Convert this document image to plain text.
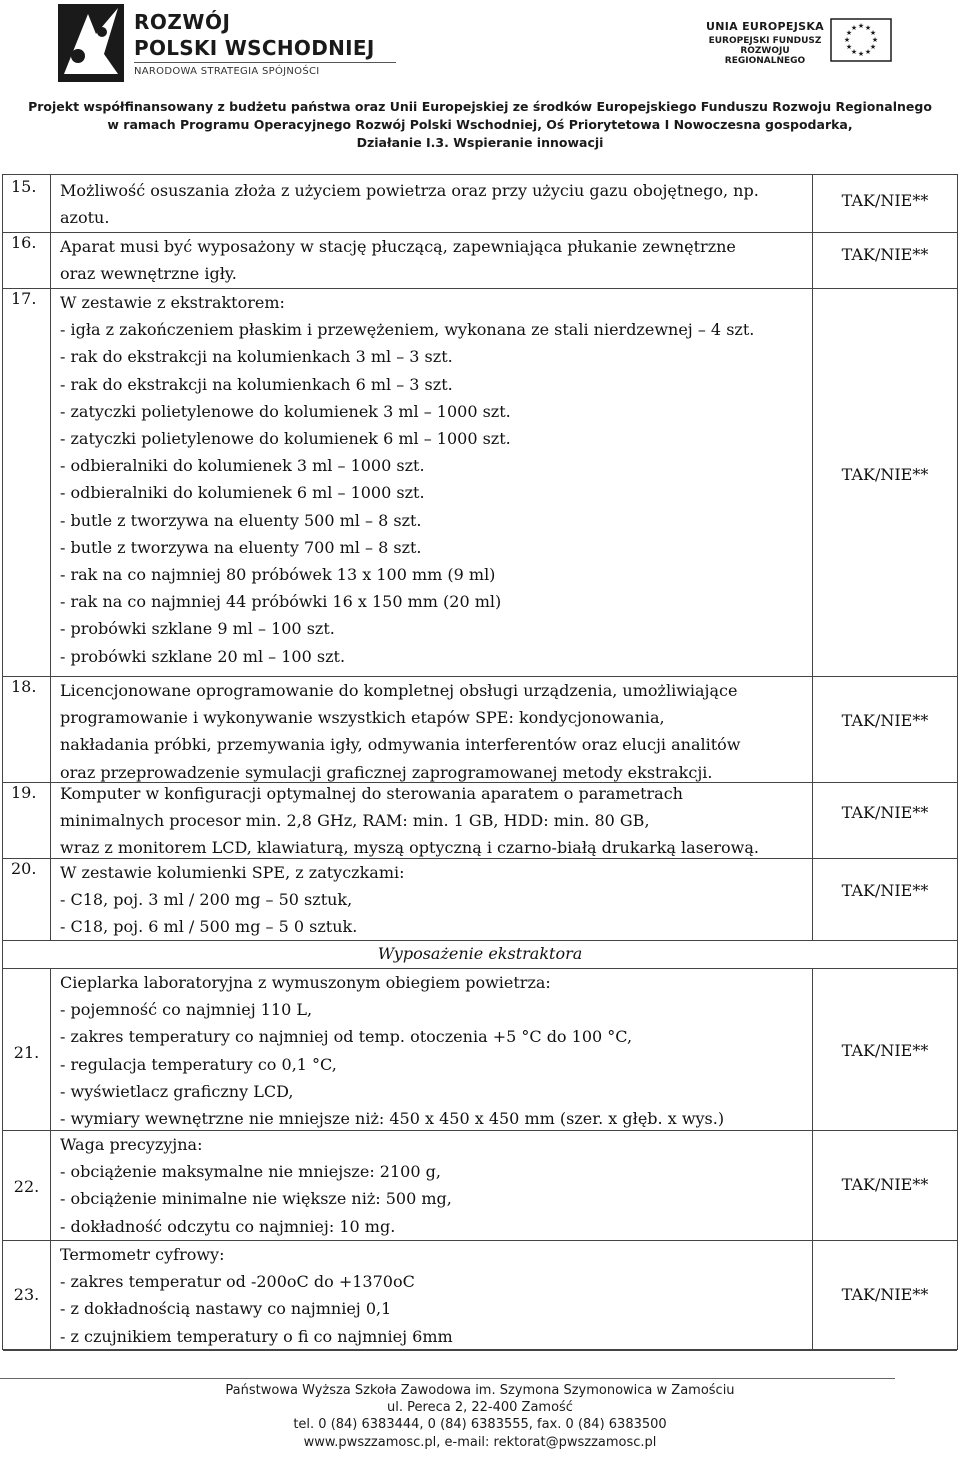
ROZWÓJ
POLSKI WSCHODNIEJ
NARODOWA STRATEGIA SPÓJNOŚCI
UNIA EUROPEJSKA
EUROPEJSKI FUNDUSZ
ROZWOJU REGIONALNEGO
★ ★
★
★
★
★
★
★
★
★
★
★
Projekt współfinansowany z budżetu państwa oraz Unii Europejskiej ze środków Europejskiego Funduszu Rozwoju Regionalnego
w ramach Programu Operacyjnego Rozwój Polski Wschodniej, Oś Priorytetowa I Nowoczesna gospodarka,
Działanie I.3. Wspieranie innowacji
15.	Możliwość osuszania złoża z użyciem powietrza oraz przy użyciu gazu obojętnego, np.
azotu.
TAK/NIE**
16.	Aparat musi być wyposażony w stację płuczącą, zapewniająca płukanie zewnętrzne
oraz wewnętrzne igły.
TAK/NIE**
17.	W zestawie z ekstraktorem:
- igła z zakończeniem płaskim i przewężeniem, wykonana ze stali nierdzewnej – 4 szt.
- rak do ekstrakcji na kolumienkach 3 ml – 3 szt.
- rak do ekstrakcji na kolumienkach 6 ml – 3 szt.
- zatyczki polietylenowe do kolumienek 3 ml – 1000 szt.
- zatyczki polietylenowe do kolumienek 6 ml – 1000 szt.
- odbieralniki do kolumienek 3 ml – 1000 szt.
- odbieralniki do kolumienek 6 ml – 1000 szt.
- butle z tworzywa na eluenty 500 ml – 8 szt.
- butle z tworzywa na eluenty 700 ml – 8 szt.
- rak na co najmniej 80 próbówek 13 x 100 mm (9 ml)
- rak na co najmniej 44 próbówki 16 x 150 mm (20 ml)
- probówki szklane 9 ml – 100 szt.
- probówki szklane 20 ml – 100 szt.
TAK/NIE**
18.	Licencjonowane oprogramowanie do kompletnej obsługi urządzenia, umożliwiające
programowanie i wykonywanie wszystkich etapów SPE: kondycjonowania,
nakładania próbki, przemywania igły, odmywania interferentów oraz elucji analitów
oraz przeprowadzenie symulacji graficznej zaprogramowanej metody ekstrakcji.
TAK/NIE**
19.	Komputer w konfiguracji optymalnej do sterowania aparatem o parametrach
minimalnych procesor min. 2,8 GHz, RAM: min. 1 GB, HDD: min. 80 GB,
wraz z monitorem LCD, klawiaturą, myszą optyczną i czarno-białą drukarką laserową.
TAK/NIE**
20.	W zestawie kolumienki SPE, z zatyczkami:
- C18, poj. 3 ml / 200 mg – 50 sztuk,
- C18, poj. 6 ml / 500 mg – 5 0 sztuk.
TAK/NIE**
Wyposażenie ekstraktora
21.
Cieplarka laboratoryjna z wymuszonym obiegiem powietrza:
- pojemność co najmniej 110 L,
- zakres temperatury co najmniej od temp. otoczenia +5 °C do 100 °C,
- regulacja temperatury co 0,1 °C,
- wyświetlacz graficzny LCD,
- wymiary wewnętrzne nie mniejsze niż: 450 x 450 x 450 mm (szer. x głęb. x wys.)
TAK/NIE**
22.
Waga precyzyjna:
- obciążenie maksymalne nie mniejsze: 2100 g,
- obciążenie minimalne nie większe niż: 500 mg,
- dokładność odczytu co najmniej: 10 mg.
TAK/NIE**
23.
Termometr cyfrowy:
- zakres temperatur od -200oC do +1370oC
- z dokładnością nastawy co najmniej 0,1
- z czujnikiem temperatury o fi co najmniej 6mm
TAK/NIE**
Państwowa Wyższa Szkoła Zawodowa im. Szymona Szymonowica w Zamościu
ul. Pereca 2, 22-400 Zamość
tel. 0 (84) 6383444, 0 (84) 6383555, fax. 0 (84) 6383500
www.pwszzamosc.pl, e-mail: rektorat@pwszzamosc.pl
